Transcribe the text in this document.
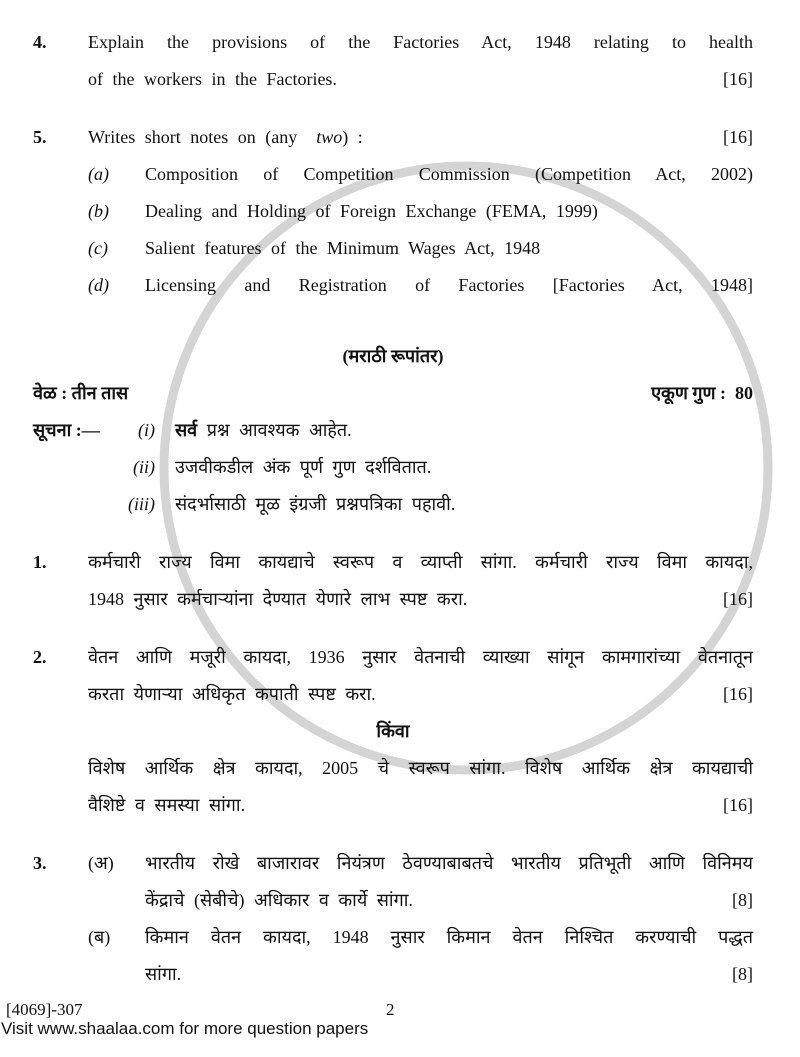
4.	Explain the provisions of the Factories Act, 1948 relating to health
[16]
of the workers in the Factories.
5.	[16]
Writes short notes on (any two) :
(a)	Composition of Competition Commission (Competition Act, 2002)
(b)	Dealing and Holding of Foreign Exchange (FEMA, 1999)
(c)	Salient features of the Minimum Wages Act, 1948
(d)	Licensing and Registration of Factories [Factories Act, 1948]
(मराठी रूपांतर)
वेळ : तीन तास	एकूण गुण :  80
सूचना :—	(i)	सर्व प्रश्न आवश्यक आहेत.
(ii)	उजवीकडील अंक पूर्ण गुण दर्शवितात.
(iii)	संदर्भासाठी मूळ इंग्रजी प्रश्नपत्रिका पहावी.
1.	कर्मचारी राज्य विमा कायद्याचे स्वरूप व व्याप्ती सांगा. कर्मचारी राज्य विमा कायदा,
[16]
1948 नुसार कर्मचाऱ्यांना देण्यात येणारे लाभ स्पष्ट करा.
2.	वेतन आणि मजूरी कायदा, 1936 नुसार वेतनाची व्याख्या सांगून कामगारांच्या वेतनातून
[16]
करता येणाऱ्या अधिकृत कपाती स्पष्ट करा.
किंवा
विशेष आर्थिक क्षेत्र कायदा, 2005 चे स्वरूप सांगा. विशेष आर्थिक क्षेत्र कायद्याची
[16]
वैशिष्टे व समस्या सांगा.
3.	(अ)	भारतीय रोखे बाजारावर नियंत्रण ठेवण्याबाबतचे भारतीय प्रतिभूती आणि विनिमय
[8]
केंद्राचे (सेबीचे) अधिकार व कार्ये सांगा.
(ब)	किमान वेतन कायदा, 1948 नुसार किमान वेतन निश्चित करण्याची पद्धत
[8]
सांगा.
[4069]-307	2
Visit www.shaalaa.com for more question papers
